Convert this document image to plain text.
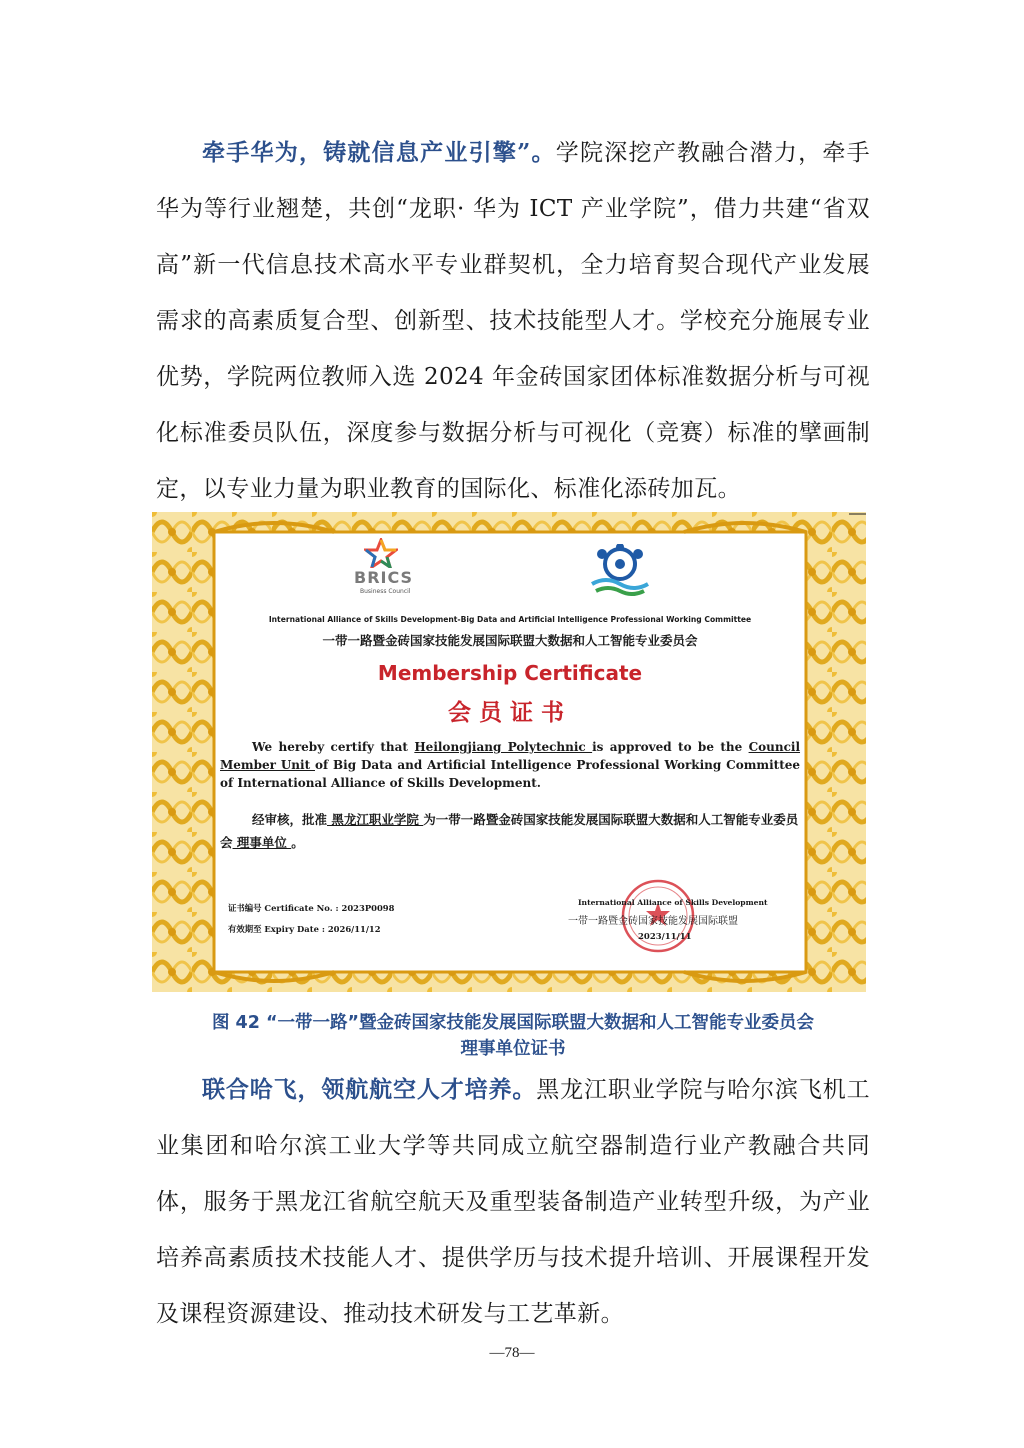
牵手华为，铸就信息产业引擎”。学院深挖产教融合潜力，牵手华为等行业翘楚，共创“龙职· 华为 ICT 产业学院”，借力共建“省双高”新一代信息技术高水平专业群契机，全力培育契合现代产业发展需求的高素质复合型、创新型、技术技能型人才。学校充分施展专业优势，学院两位教师入选 2024 年金砖国家团体标准数据分析与可视化标准委员队伍，深度参与数据分析与可视化（竞赛）标准的擘画制定，以专业力量为职业教育的国际化、标准化添砖加瓦。
BRICS
Business Council
International Alliance of Skills Development-Big Data and Artificial Intelligence Professional Working Committee
一带一路暨金砖国家技能发展国际联盟大数据和人工智能专业委员会
Membership Certificate
会员证书
We hereby certify that Heilongjiang Polytechnic is approved to be the Council Member Unit of Big Data and Artificial Intelligence Professional Working Committee of International Alliance of Skills Development.
经审核，批准 黑龙江职业学院 为一带一路暨金砖国家技能发展国际联盟大数据和人工智能专业委员会 理事单位 。
证书编号 Certificate No. : 2023P0098
有效期至 Expiry Date : 2026/11/12
International Alliance of Skills Development
一带一路暨金砖国家技能发展国际联盟
2023/11/11
图 42 “一带一路”暨金砖国家技能发展国际联盟大数据和人工智能专业委员会
理事单位证书
联合哈飞，领航航空人才培养。黑龙江职业学院与哈尔滨飞机工业集团和哈尔滨工业大学等共同成立航空器制造行业产教融合共同体，服务于黑龙江省航空航天及重型装备制造产业转型升级，为产业培养高素质技术技能人才、提供学历与技术提升培训、开展课程开发及课程资源建设、推动技术研发与工艺革新。
—78—
